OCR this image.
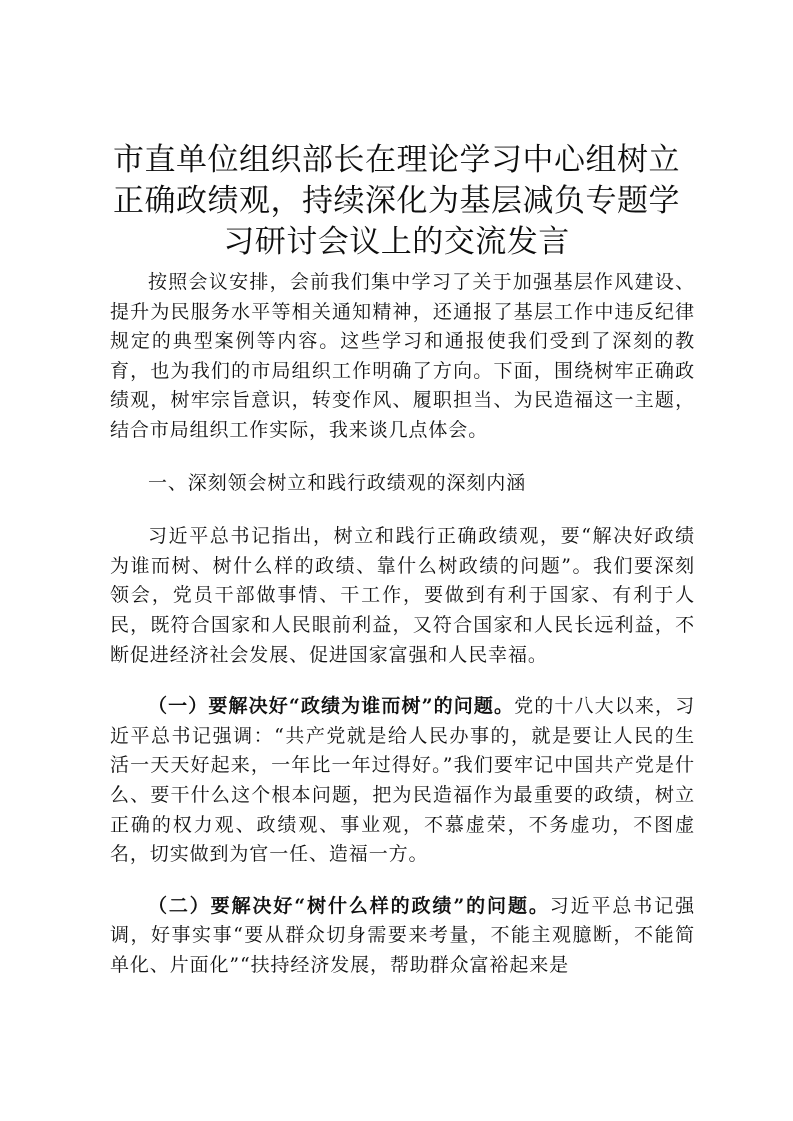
市直单位组织部长在理论学习中心组树立正确政绩观，持续深化为基层减负专题学习研讨会议上的交流发言

按照会议安排，会前我们集中学习了关于加强基层作风建设、提升为民服务水平等相关通知精神，还通报了基层工作中违反纪律规定的典型案例等内容。这些学习和通报使我们受到了深刻的教育，也为我们的市局组织工作明确了方向。下面，围绕树牢正确政绩观，树牢宗旨意识，转变作风、履职担当、为民造福这一主题，结合市局组织工作实际，我来谈几点体会。

一、深刻领会树立和践行政绩观的深刻内涵

习近平总书记指出，树立和践行正确政绩观，要“解决好政绩为谁而树、树什么样的政绩、靠什么树政绩的问题”。我们要深刻领会，党员干部做事情、干工作，要做到有利于国家、有利于人民，既符合国家和人民眼前利益，又符合国家和人民长远利益，不断促进经济社会发展、促进国家富强和人民幸福。

（一）要解决好“政绩为谁而树”的问题。党的十八大以来，习近平总书记强调：“共产党就是给人民办事的，就是要让人民的生活一天天好起来，一年比一年过得好。”我们要牢记中国共产党是什么、要干什么这个根本问题，把为民造福作为最重要的政绩，树立正确的权力观、政绩观、事业观，不慕虚荣，不务虚功，不图虚名，切实做到为官一任、造福一方。

（二）要解决好“树什么样的政绩”的问题。习近平总书记强调，好事实事“要从群众切身需要来考量，不能主观臆断，不能简单化、片面化”“扶持经济发展，帮助群众富裕起来是
